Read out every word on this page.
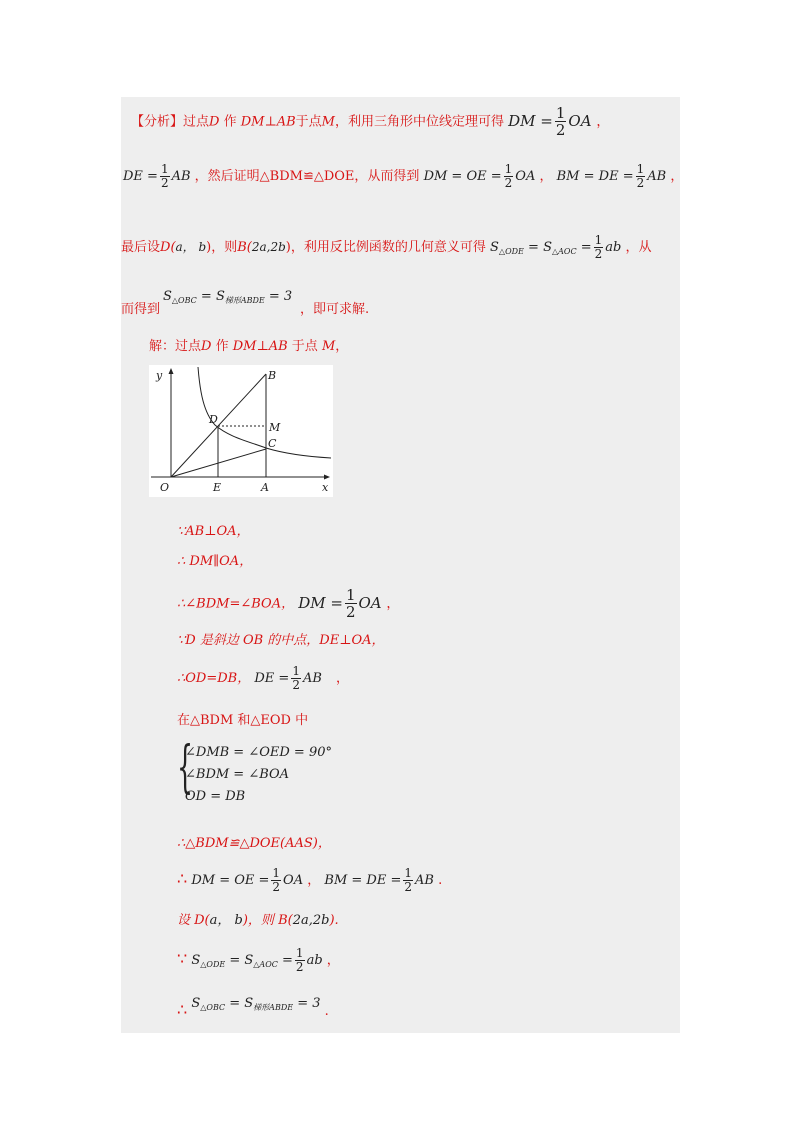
【分析】过点D 作 DM⊥AB于点M，利用三角形中位线定理可得 DM = $\frac{1}{2}$ OA ，
DE = $\frac{1}{2}$ AB ，然后证明△BDM≌△DOE，从而得到 DM = OE = $\frac{1}{2}$ OA ， BM = DE = $\frac{1}{2}$ AB ，
最后设D(a， b)，则B(2a,2b)，利用反比例函数的几何意义可得 $S_{\triangle ODE} = S_{\triangle AOC} = \frac{1}{2}$ ab ，从
$S_{\triangle OBC} = S_{梯形ABDE} = 3$
而得到	，即可求解.
解：过点D 作 DM⊥AB 于点 M，
y
x
O	E	A
B
D
M
C
∵AB⊥OA，
∴ DM∥OA，
∴∠BDM=∠BOA， DM = $\frac{1}{2}$ OA ，
∵D 是斜边 OB 的中点，DE⊥OA，
∴OD=DB， DE = $\frac{1}{2}$ AB ，
在△BDM 和△EOD 中
{
∠DMB = ∠OED = 90°
∠BDM = ∠BOA
OD = DB
∴△BDM≌△DOE(AAS)，
∴ DM = OE = $\frac{1}{2}$ OA ， BM = DE = $\frac{1}{2}$ AB .
设 D(a， b)，则 B(2a,2b).
∵ $S_{\triangle ODE} = S_{\triangle AOC} = \frac{1}{2}$ ab ，
∴ $S_{\triangle OBC} = S_{梯形ABDE} = 3$ .
